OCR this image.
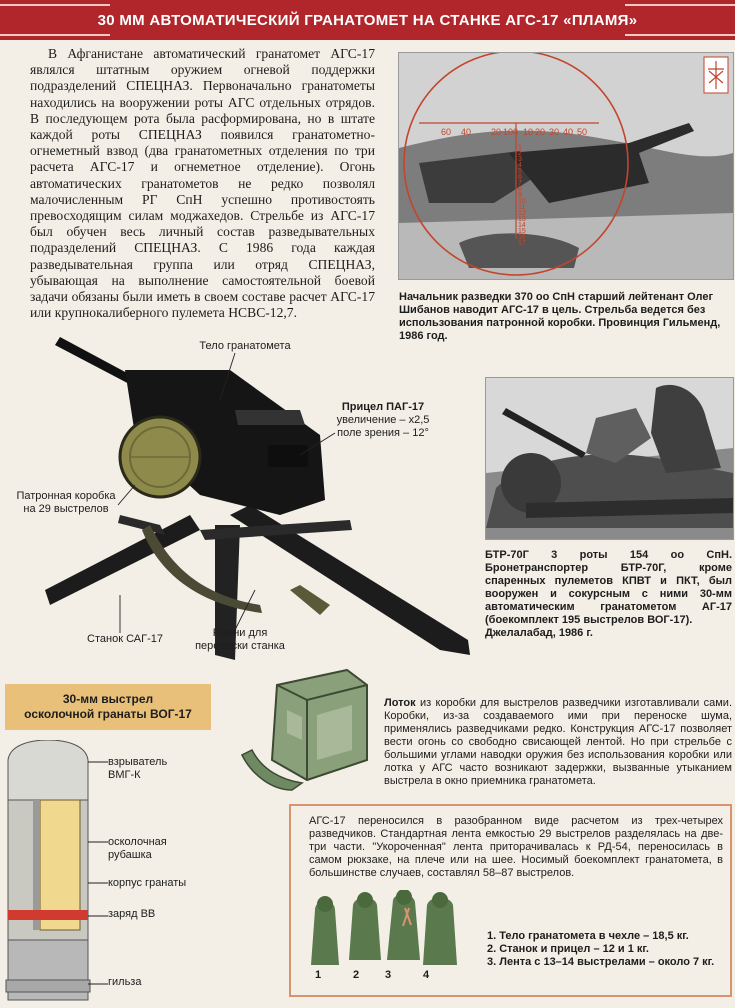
30 ММ АВТОМАТИЧЕСКИЙ ГРАНАТОМЕТ НА СТАНКЕ АГС-17 «ПЛАМЯ»
В Афганистане автоматический гранатомет АГС-17 являлся штатным оружием огневой поддержки подразделений СПЕЦНАЗ. Первоначально гранатометы находились на вооружении роты АГС отдельных отрядов. В последующем рота была расформирована, но в штате каждой роты СПЕЦНАЗ появился гранатометно-огнеметный взвод (два гранатометных отделения по три расчета АГС-17 и огнеметное отделение). Огонь автоматических гранатометов не редко позволял малочисленным РГ СпН успешно противостоять превосходящим силам моджахедов. Стрельбе из АГС-17 был обучен весь личный состав разведывательных подразделений СПЕЦНАЗ. С 1986 года каждая разведывательная группа или отряд СПЕЦНАЗ, убывающая на выполнение самостоятельной боевой задачи обязаны были иметь в своем составе расчет АГС-17 или крупнокалиберного пулемета НСВС-12,7.
60 40 20 10 0 10 20 30 40 50
1
2
3
4
5
6
7
8
9
10
11
12
13
14
15
16
17
Начальник разведки 370 оо СпН старший лейтенант Олег Шибанов наводит АГС-17 в цель. Стрельба ведется без использования патронной коробки. Провинция Гильменд, 1986 год.
Тело гранатомета
Прицел ПАГ-17
увеличение – х2,5
поле зрения – 12°
Патронная коробка
на 29 выстрелов
Станок САГ-17	Ремни для
переноски станка
БТР-70Г 3 роты 154 оо СпН. Бронетранспортер БТР-70Г, кроме спаренных пулеметов КПВТ и ПКТ, был вооружен и сокурсным с ними 30-мм автоматическим гранатометом АГ-17 (боекомплект 195 выстрелов ВОГ-17).
Джелалабад, 1986 г.
Лоток из коробки для выстрелов разведчики изготавливали сами. Коробки, из-за создаваемого ими при переноске шума, применялись разведчиками редко. Конструкция АГС-17 позволяет вести огонь со свободно свисающей лентой. Но при стрельбе с большими углами наводки оружия без использования коробки или лотка у АГС часто возникают задержки, вызванные утыканием выстрела в окно приемника гранатомета.
30-мм выстрел
осколочной гранаты ВОГ-17
взрыватель
ВМГ-К
осколочная
рубашка
корпус гранаты
заряд ВВ
гильза
АГС-17 переносился в разобранном виде расчетом из трех-четырех разведчиков. Стандартная лента емкостью 29 выстрелов разделялась на две-три части. "Укороченная" лента приторачивалась к РД-54, переносилась в самом рюкзаке, на плече или на шее. Носимый боекомплект гранатомета, в большинстве случаев, составлял 58–87 выстрелов.
1	2 3	4
1. Тело гранатомета в чехле – 18,5 кг.
2. Станок и прицел – 12 и 1 кг.
3. Лента с 13–14 выстрелами – около 7 кг.
